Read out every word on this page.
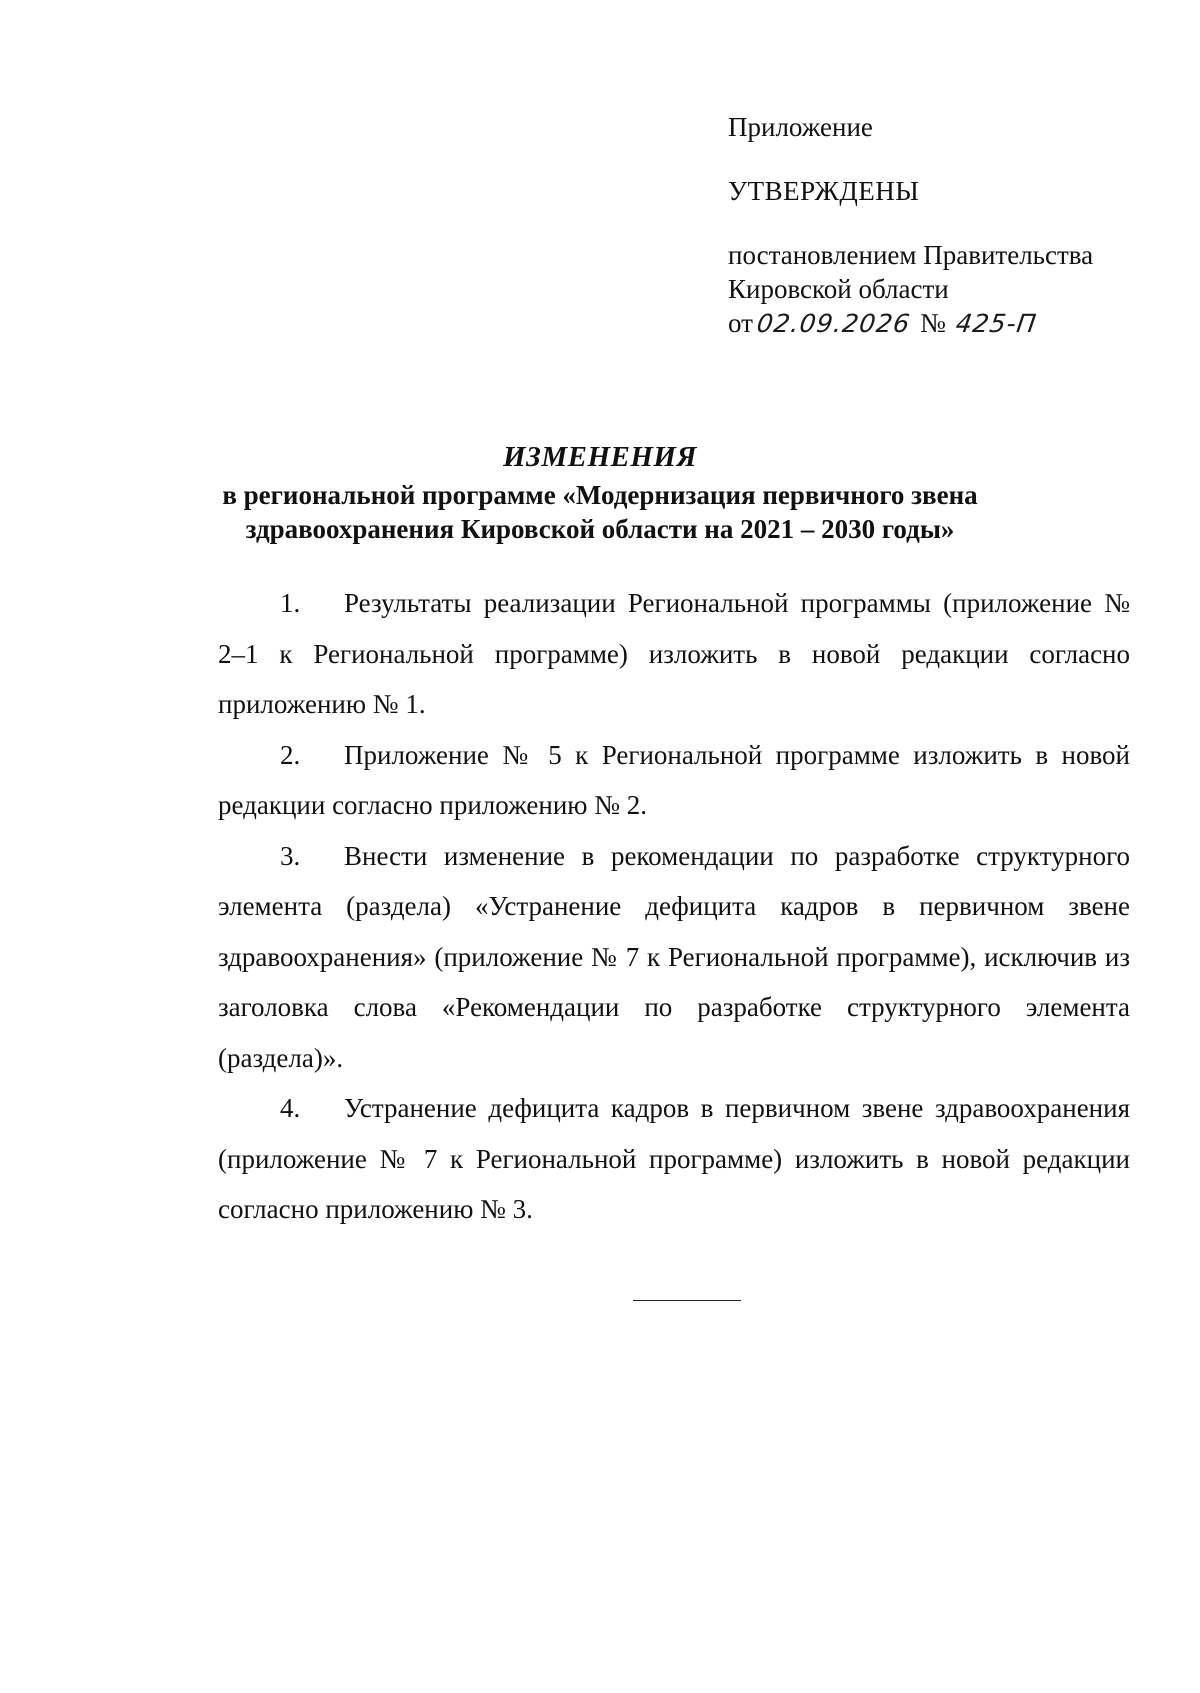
Приложение
УТВЕРЖДЕНЫ
постановлением Правительства
Кировской области
от02.09.2026 № 425-П
ИЗМЕНЕНИЯ
в региональной программе «Модернизация первичного звена
здравоохранения Кировской области на 2021 – 2030 годы»

1. Результаты реализации Региональной программы (приложение № 2–1 к Региональной программе) изложить в новой редакции согласно приложению № 1.

2. Приложение № 5 к Региональной программе изложить в новой редакции согласно приложению № 2.

3. Внести изменение в рекомендации по разработке структурного элемента (раздела) «Устранение дефицита кадров в первичном звене здравоохранения» (приложение № 7 к Региональной программе), исключив из заголовка слова «Рекомендации по разработке структурного элемента (раздела)».

4. Устранение дефицита кадров в первичном звене здравоохранения (приложение № 7 к Региональной программе) изложить в новой редакции согласно приложению № 3.
